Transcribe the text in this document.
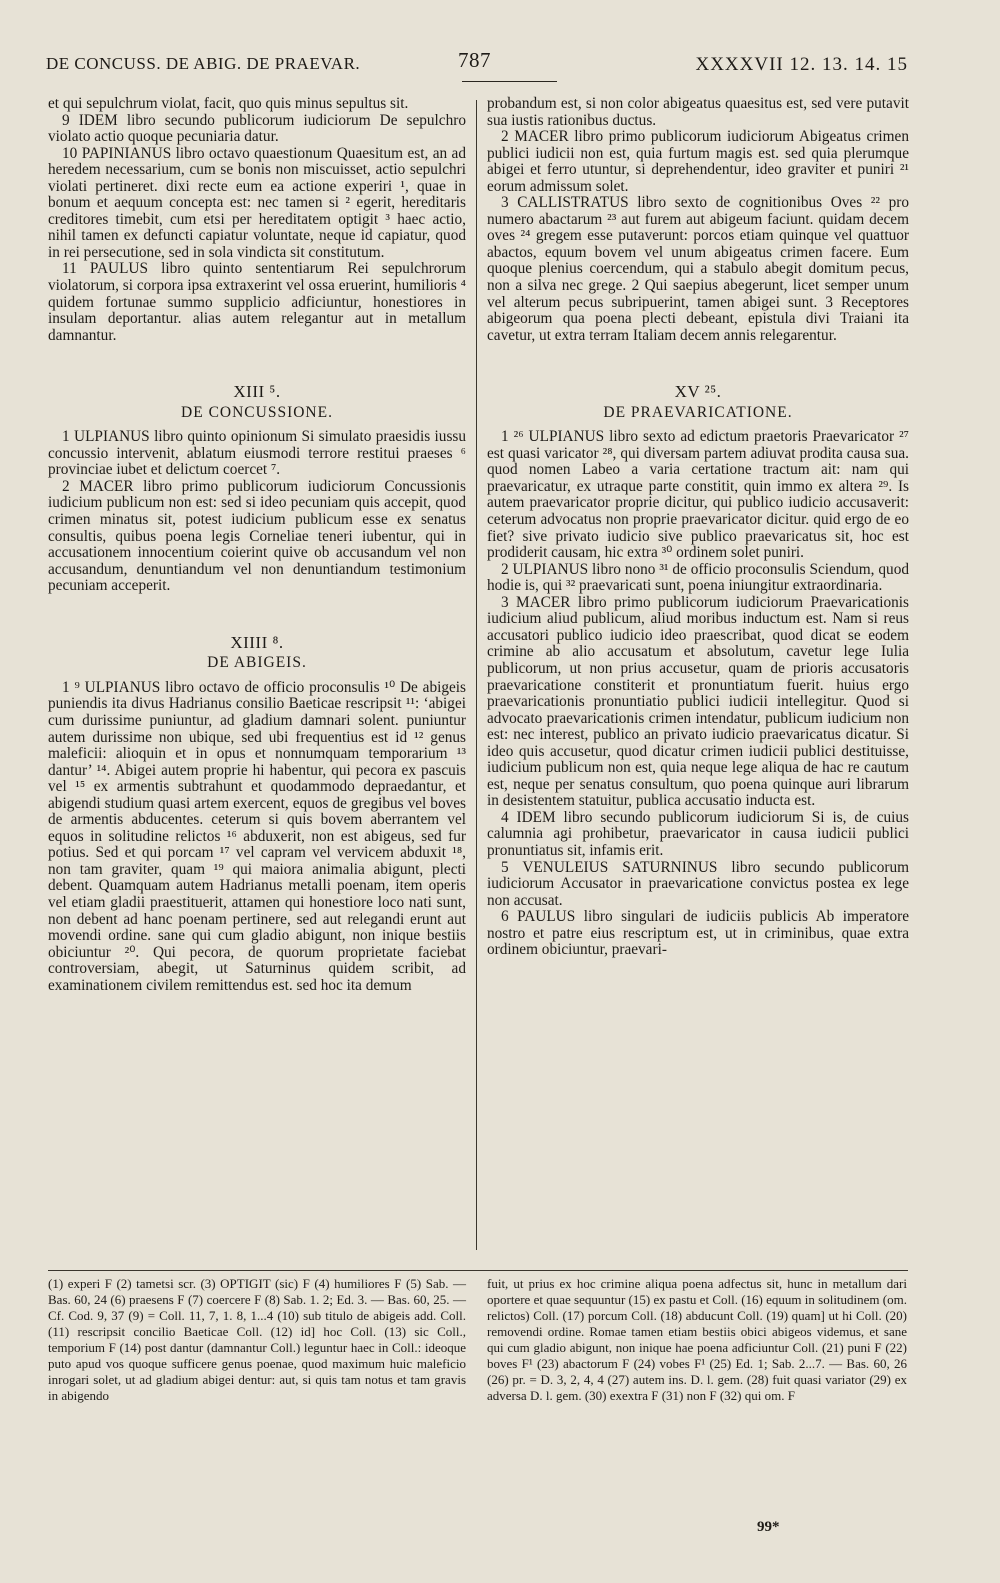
DE CONCUSS. DE ABIG. DE PRAEVAR.	787	XXXXVII 12. 13. 14. 15

et qui sepulchrum violat, facit, quo quis minus sepultus sit.

9 IDEM libro secundo publicorum iudiciorum De sepulchro violato actio quoque pecuniaria datur.

10 PAPINIANUS libro octavo quaestionum Quaesitum est, an ad heredem necessarium, cum se bonis non miscuisset, actio sepulchri violati pertineret. dixi recte eum ea actione experiri ¹, quae in bonum et aequum concepta est: nec tamen si ² egerit, hereditaris creditores timebit, cum etsi per hereditatem optigit ³ haec actio, nihil tamen ex defuncti capiatur voluntate, neque id capiatur, quod in rei persecutione, sed in sola vindicta sit constitutum.

11 PAULUS libro quinto sententiarum Rei sepulchrorum violatorum, si corpora ipsa extraxerint vel ossa eruerint, humilioris ⁴ quidem fortunae summo supplicio adficiuntur, honestiores in insulam deportantur. alias autem relegantur aut in metallum damnantur.

XIII ⁵.
DE CONCUSSIONE.

1 ULPIANUS libro quinto opinionum Si simulato praesidis iussu concussio intervenit, ablatum eiusmodi terrore restitui praeses ⁶ provinciae iubet et delictum coercet ⁷.

2 MACER libro primo publicorum iudiciorum Concussionis iudicium publicum non est: sed si ideo pecuniam quis accepit, quod crimen minatus sit, potest iudicium publicum esse ex senatus consultis, quibus poena legis Corneliae teneri iubentur, qui in accusationem innocentium coierint quive ob accusandum vel non accusandum, denuntiandum vel non denuntiandum testimonium pecuniam acceperit.

XIIII ⁸.
DE ABIGEIS.

1 ⁹ ULPIANUS libro octavo de officio proconsulis ¹⁰ De abigeis puniendis ita divus Hadrianus consilio Baeticae rescripsit ¹¹: ‘abigei cum durissime puniuntur, ad gladium damnari solent. puniuntur autem durissime non ubique, sed ubi frequentius est id ¹² genus maleficii: alioquin et in opus et nonnumquam temporarium ¹³ dantur’ ¹⁴. Abigei autem proprie hi habentur, qui pecora ex pascuis vel ¹⁵ ex armentis subtrahunt et quodammodo depraedantur, et abigendi studium quasi artem exercent, equos de gregibus vel boves de armentis abducentes. ceterum si quis bovem aberrantem vel equos in solitudine relictos ¹⁶ abduxerit, non est abigeus, sed fur potius. Sed et qui porcam ¹⁷ vel capram vel vervicem abduxit ¹⁸, non tam graviter, quam ¹⁹ qui maiora animalia abigunt, plecti debent. Quamquam autem Hadrianus metalli poenam, item operis vel etiam gladii praestituerit, attamen qui honestiore loco nati sunt, non debent ad hanc poenam pertinere, sed aut relegandi erunt aut movendi ordine. sane qui cum gladio abigunt, non inique bestiis obiciuntur ²⁰. Qui pecora, de quorum proprietate faciebat controversiam, abegit, ut Saturninus quidem scribit, ad examinationem civilem remittendus est. sed hoc ita demum

probandum est, si non color abigeatus quaesitus est, sed vere putavit sua iustis rationibus ductus.

2 MACER libro primo publicorum iudiciorum Abigeatus crimen publici iudicii non est, quia furtum magis est. sed quia plerumque abigei et ferro utuntur, si deprehendentur, ideo graviter et puniri ²¹ eorum admissum solet.

3 CALLISTRATUS libro sexto de cognitionibus Oves ²² pro numero abactarum ²³ aut furem aut abigeum faciunt. quidam decem oves ²⁴ gregem esse putaverunt: porcos etiam quinque vel quattuor abactos, equum bovem vel unum abigeatus crimen facere. Eum quoque plenius coercendum, qui a stabulo abegit domitum pecus, non a silva nec grege. 2 Qui saepius abegerunt, licet semper unum vel alterum pecus subripuerint, tamen abigei sunt. 3 Receptores abigeorum qua poena plecti debeant, epistula divi Traiani ita cavetur, ut extra terram Italiam decem annis relegarentur.

XV ²⁵.
DE PRAEVARICATIONE.

1 ²⁶ ULPIANUS libro sexto ad edictum praetoris Praevaricator ²⁷ est quasi varicator ²⁸, qui diversam partem adiuvat prodita causa sua. quod nomen Labeo a varia certatione tractum ait: nam qui praevaricatur, ex utraque parte constitit, quin immo ex altera ²⁹. Is autem praevaricator proprie dicitur, qui publico iudicio accusaverit: ceterum advocatus non proprie praevaricator dicitur. quid ergo de eo fiet? sive privato iudicio sive publico praevaricatus sit, hoc est prodiderit causam, hic extra ³⁰ ordinem solet puniri.

2 ULPIANUS libro nono ³¹ de officio proconsulis Sciendum, quod hodie is, qui ³² praevaricati sunt, poena iniungitur extraordinaria.

3 MACER libro primo publicorum iudiciorum Praevaricationis iudicium aliud publicum, aliud moribus inductum est. Nam si reus accusatori publico iudicio ideo praescribat, quod dicat se eodem crimine ab alio accusatum et absolutum, cavetur lege Iulia publicorum, ut non prius accusetur, quam de prioris accusatoris praevaricatione constiterit et pronuntiatum fuerit. huius ergo praevaricationis pronuntiatio publici iudicii intellegitur. Quod si advocato praevaricationis crimen intendatur, publicum iudicium non est: nec interest, publico an privato iudicio praevaricatus dicatur. Si ideo quis accusetur, quod dicatur crimen iudicii publici destituisse, iudicium publicum non est, quia neque lege aliqua de hac re cautum est, neque per senatus consultum, quo poena quinque auri librarum in desistentem statuitur, publica accusatio inducta est.

4 IDEM libro secundo publicorum iudiciorum Si is, de cuius calumnia agi prohibetur, praevaricator in causa iudicii publici pronuntiatus sit, infamis erit.

5 VENULEIUS SATURNINUS libro secundo publicorum iudiciorum Accusator in praevaricatione convictus postea ex lege non accusat.

6 PAULUS libro singulari de iudiciis publicis Ab imperatore nostro et patre eius rescriptum est, ut in criminibus, quae extra ordinem obiciuntur, praevari-

(1) experi F (2) tametsi scr. (3) OPTIGIT (sic) F (4) humiliores F (5) Sab. — Bas. 60, 24 (6) praesens F (7) coercere F (8) Sab. 1. 2; Ed. 3. — Bas. 60, 25. — Cf. Cod. 9, 37 (9) = Coll. 11, 7, 1. 8, 1...4 (10) sub titulo de abigeis add. Coll. (11) rescripsit concilio Baeticae Coll. (12) id] hoc Coll. (13) sic Coll., temporium F (14) post dantur (damnantur Coll.) leguntur haec in Coll.: ideoque puto apud vos quoque sufficere genus poenae, quod maximum huic maleficio inrogari solet, ut ad gladium abigei dentur: aut, si quis tam notus et tam gravis in abigendo
fuit, ut prius ex hoc crimine aliqua poena adfectus sit, hunc in metallum dari oportere et quae sequuntur (15) ex pastu et Coll. (16) equum in solitudinem (om. relictos) Coll. (17) porcum Coll. (18) abducunt Coll. (19) quam] ut hi Coll. (20) removendi ordine. Romae tamen etiam bestiis obici abigeos videmus, et sane qui cum gladio abigunt, non inique hae poena adficiuntur Coll. (21) puni F (22) boves F¹ (23) abactorum F (24) vobes F¹ (25) Ed. 1; Sab. 2...7. — Bas. 60, 26 (26) pr. = D. 3, 2, 4, 4 (27) autem ins. D. l. gem. (28) fuit quasi variator (29) ex adversa D. l. gem. (30) exextra F (31) non F (32) qui om. F
99*
